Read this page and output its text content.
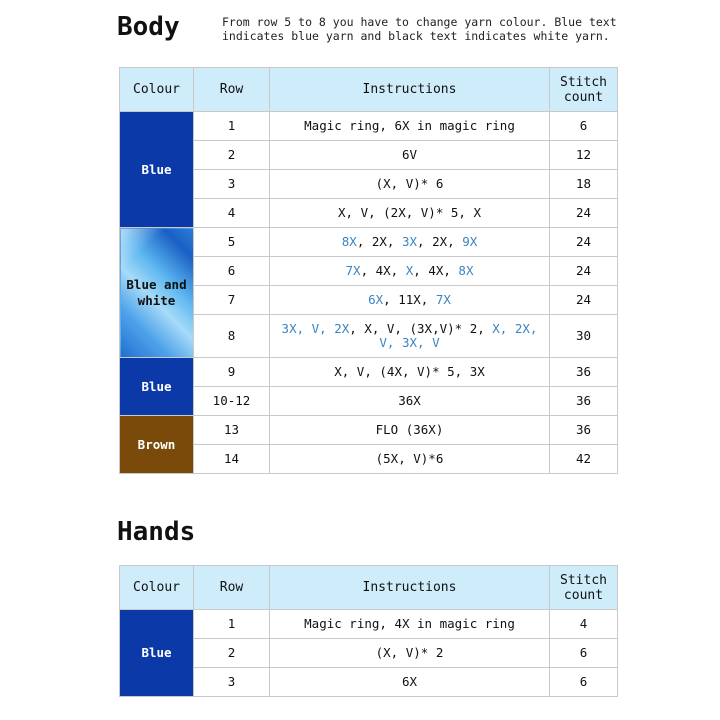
Body	From row 5 to 8 you have to change yarn colour. Blue text indicates blue yarn and black text indicates white yarn.
Colour	Row	Instructions	Stitch count
Blue	1	Magic ring, 6X in magic ring	6
	2	6V	12
	3	(X, V)* 6	18
	4	X, V, (2X, V)* 5, X	24
Blue and white	5	8X, 2X, 3X, 2X, 9X	24
	6	7X, 4X, X, 4X, 8X	24
	7	6X, 11X, 7X	24
	8	3X, V, 2X, X, V, (3X,V)* 2, X, 2X, V, 3X, V	30
Blue	9	X, V, (4X, V)* 5, 3X	36
	10-12	36X	36
Brown	13	FLO (36X)	36
	14	(5X, V)*6	42
Hands
Colour	Row	Instructions	Stitch count
Blue	1	Magic ring, 4X in magic ring	4
	2	(X, V)* 2	6
	3	6X	6
